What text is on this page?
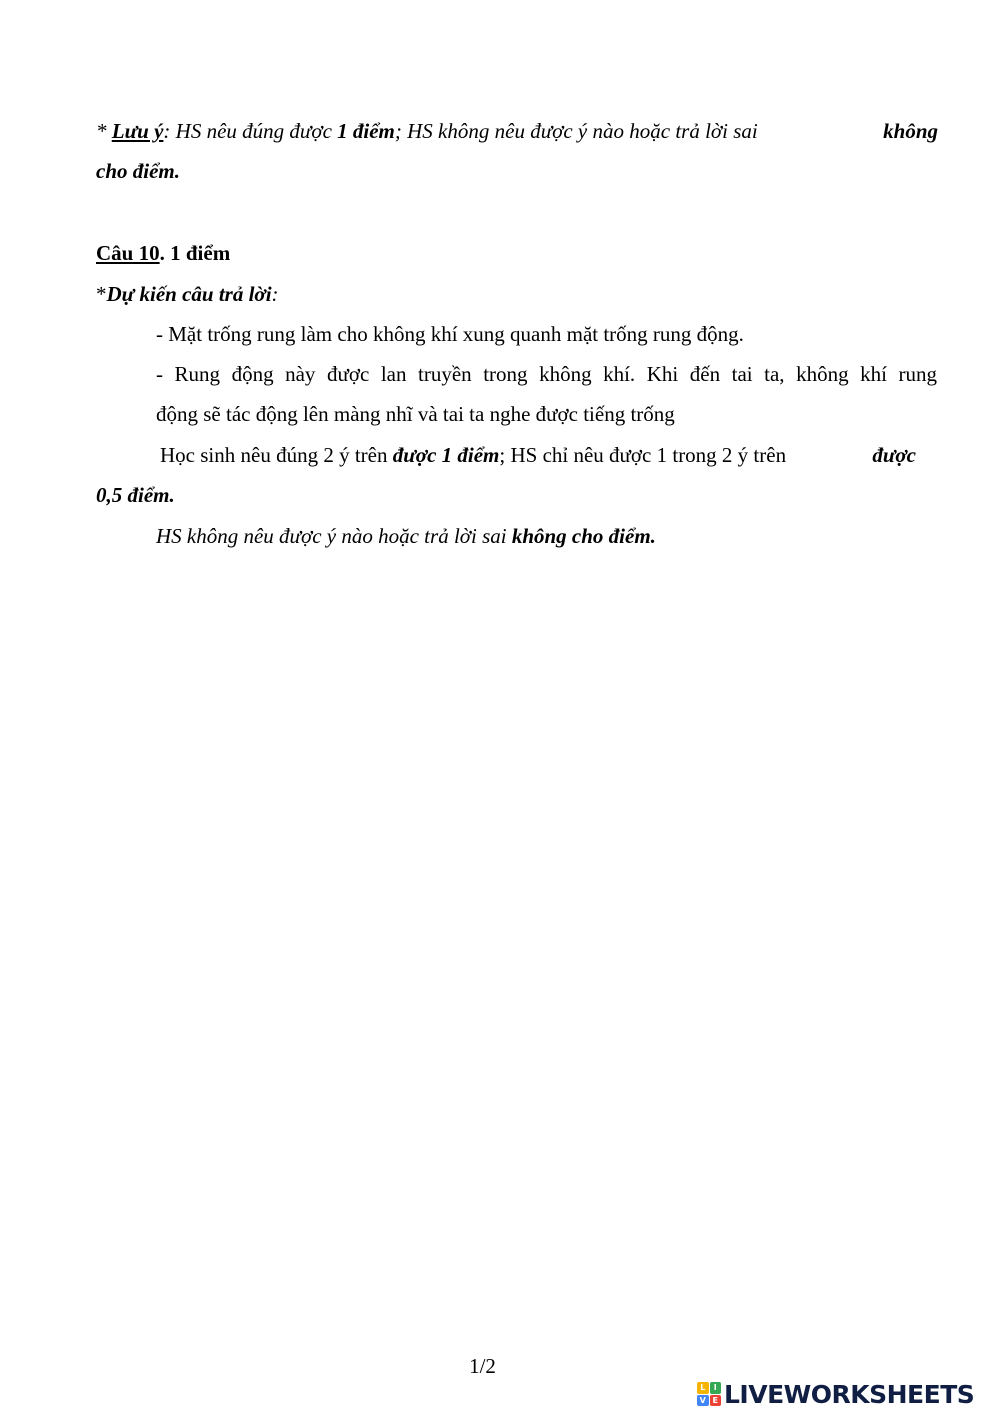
* Lưu ý: HS nêu đúng được 1 điểm; HS không nêu được ý nào hoặc trả lời sai	không
cho điểm.
Câu 10. 1 điểm
*Dự kiến câu trả lời:
- Mặt trống rung làm cho không khí xung quanh mặt trống rung động.
- Rung động này được lan truyền trong không khí. Khi đến tai ta, không khí rung
động sẽ tác động lên màng nhĩ và tai ta nghe được tiếng trống
Học sinh nêu đúng 2 ý trên được 1 điểm; HS chỉ nêu được 1 trong 2 ý trên	được
0,5 điểm.
HS không nêu được ý nào hoặc trả lời sai không cho điểm.
1/2
L	I
V E LIVEWORKSHEETS
